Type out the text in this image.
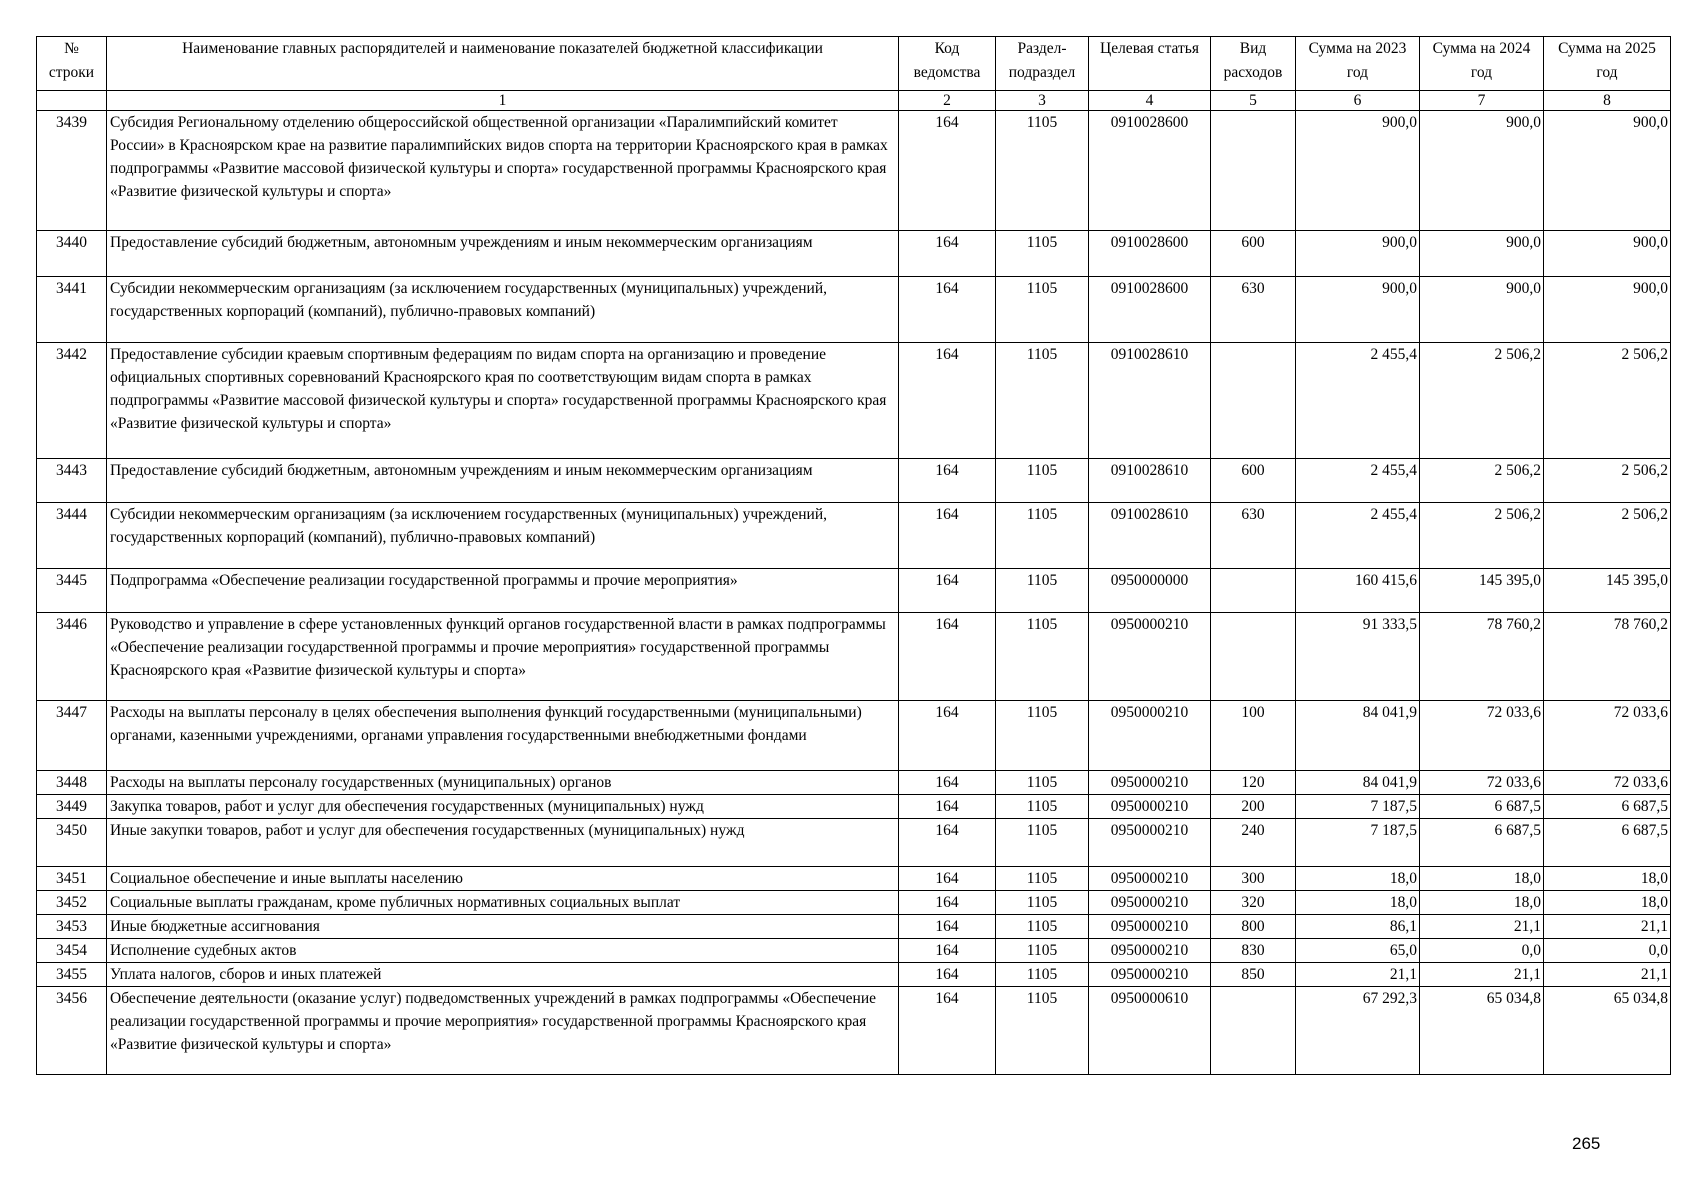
№ строки	Наименование главных распорядителей и наименование показателей бюджетной классификации	Код ведомства	Раздел-подраздел	Целевая статья	Вид расходов	Сумма на 2023 год	Сумма на 2024 год	Сумма на 2025 год
	1	2	3	4	5	6	7	8
3439	Субсидия Региональному отделению общероссийской общественной организации «Паралимпийский комитет России» в Красноярском крае на развитие паралимпийских видов спорта на территории Красноярского края в рамках подпрограммы «Развитие массовой физической культуры и спорта» государственной программы Красноярского края «Развитие физической культуры и спорта»	164	1105	0910028600		900,0	900,0	900,0
3440	Предоставление субсидий бюджетным, автономным учреждениям и иным некоммерческим организациям	164	1105	0910028600	600	900,0	900,0	900,0
3441	Субсидии некоммерческим организациям (за исключением государственных (муниципальных) учреждений, государственных корпораций (компаний), публично-правовых компаний)	164	1105	0910028600	630	900,0	900,0	900,0
3442	Предоставление субсидии краевым спортивным федерациям по видам спорта на организацию и проведение официальных спортивных соревнований Красноярского края по соответствующим видам спорта в рамках подпрограммы «Развитие массовой физической культуры и спорта» государственной программы Красноярского края «Развитие физической культуры и спорта»	164	1105	0910028610		2 455,4	2 506,2	2 506,2
3443	Предоставление субсидий бюджетным, автономным учреждениям и иным некоммерческим организациям	164	1105	0910028610	600	2 455,4	2 506,2	2 506,2
3444	Субсидии некоммерческим организациям (за исключением государственных (муниципальных) учреждений, государственных корпораций (компаний), публично-правовых компаний)	164	1105	0910028610	630	2 455,4	2 506,2	2 506,2
3445	Подпрограмма «Обеспечение реализации государственной программы и прочие мероприятия»	164	1105	0950000000		160 415,6	145 395,0	145 395,0
3446	Руководство и управление в сфере установленных функций органов государственной власти в рамках подпрограммы «Обеспечение реализации государственной программы и прочие мероприятия» государственной программы Красноярского края «Развитие физической культуры и спорта»	164	1105	0950000210		91 333,5	78 760,2	78 760,2
3447	Расходы на выплаты персоналу в целях обеспечения выполнения функций государственными (муниципальными) органами, казенными учреждениями, органами управления государственными внебюджетными фондами	164	1105	0950000210	100	84 041,9	72 033,6	72 033,6
3448	Расходы на выплаты персоналу государственных (муниципальных) органов	164	1105	0950000210	120	84 041,9	72 033,6	72 033,6
3449	Закупка товаров, работ и услуг для обеспечения государственных (муниципальных) нужд	164	1105	0950000210	200	7 187,5	6 687,5	6 687,5
3450	Иные закупки товаров, работ и услуг для обеспечения государственных (муниципальных) нужд	164	1105	0950000210	240	7 187,5	6 687,5	6 687,5
3451	Социальное обеспечение и иные выплаты населению	164	1105	0950000210	300	18,0	18,0	18,0
3452	Социальные выплаты гражданам, кроме публичных нормативных социальных выплат	164	1105	0950000210	320	18,0	18,0	18,0
3453	Иные бюджетные ассигнования	164	1105	0950000210	800	86,1	21,1	21,1
3454	Исполнение судебных актов	164	1105	0950000210	830	65,0	0,0	0,0
3455	Уплата налогов, сборов и иных платежей	164	1105	0950000210	850	21,1	21,1	21,1
3456	Обеспечение деятельности (оказание услуг) подведомственных учреждений в рамках подпрограммы «Обеспечение реализации государственной программы и прочие мероприятия» государственной программы Красноярского края «Развитие физической культуры и спорта»	164	1105	0950000610		67 292,3	65 034,8	65 034,8
265
